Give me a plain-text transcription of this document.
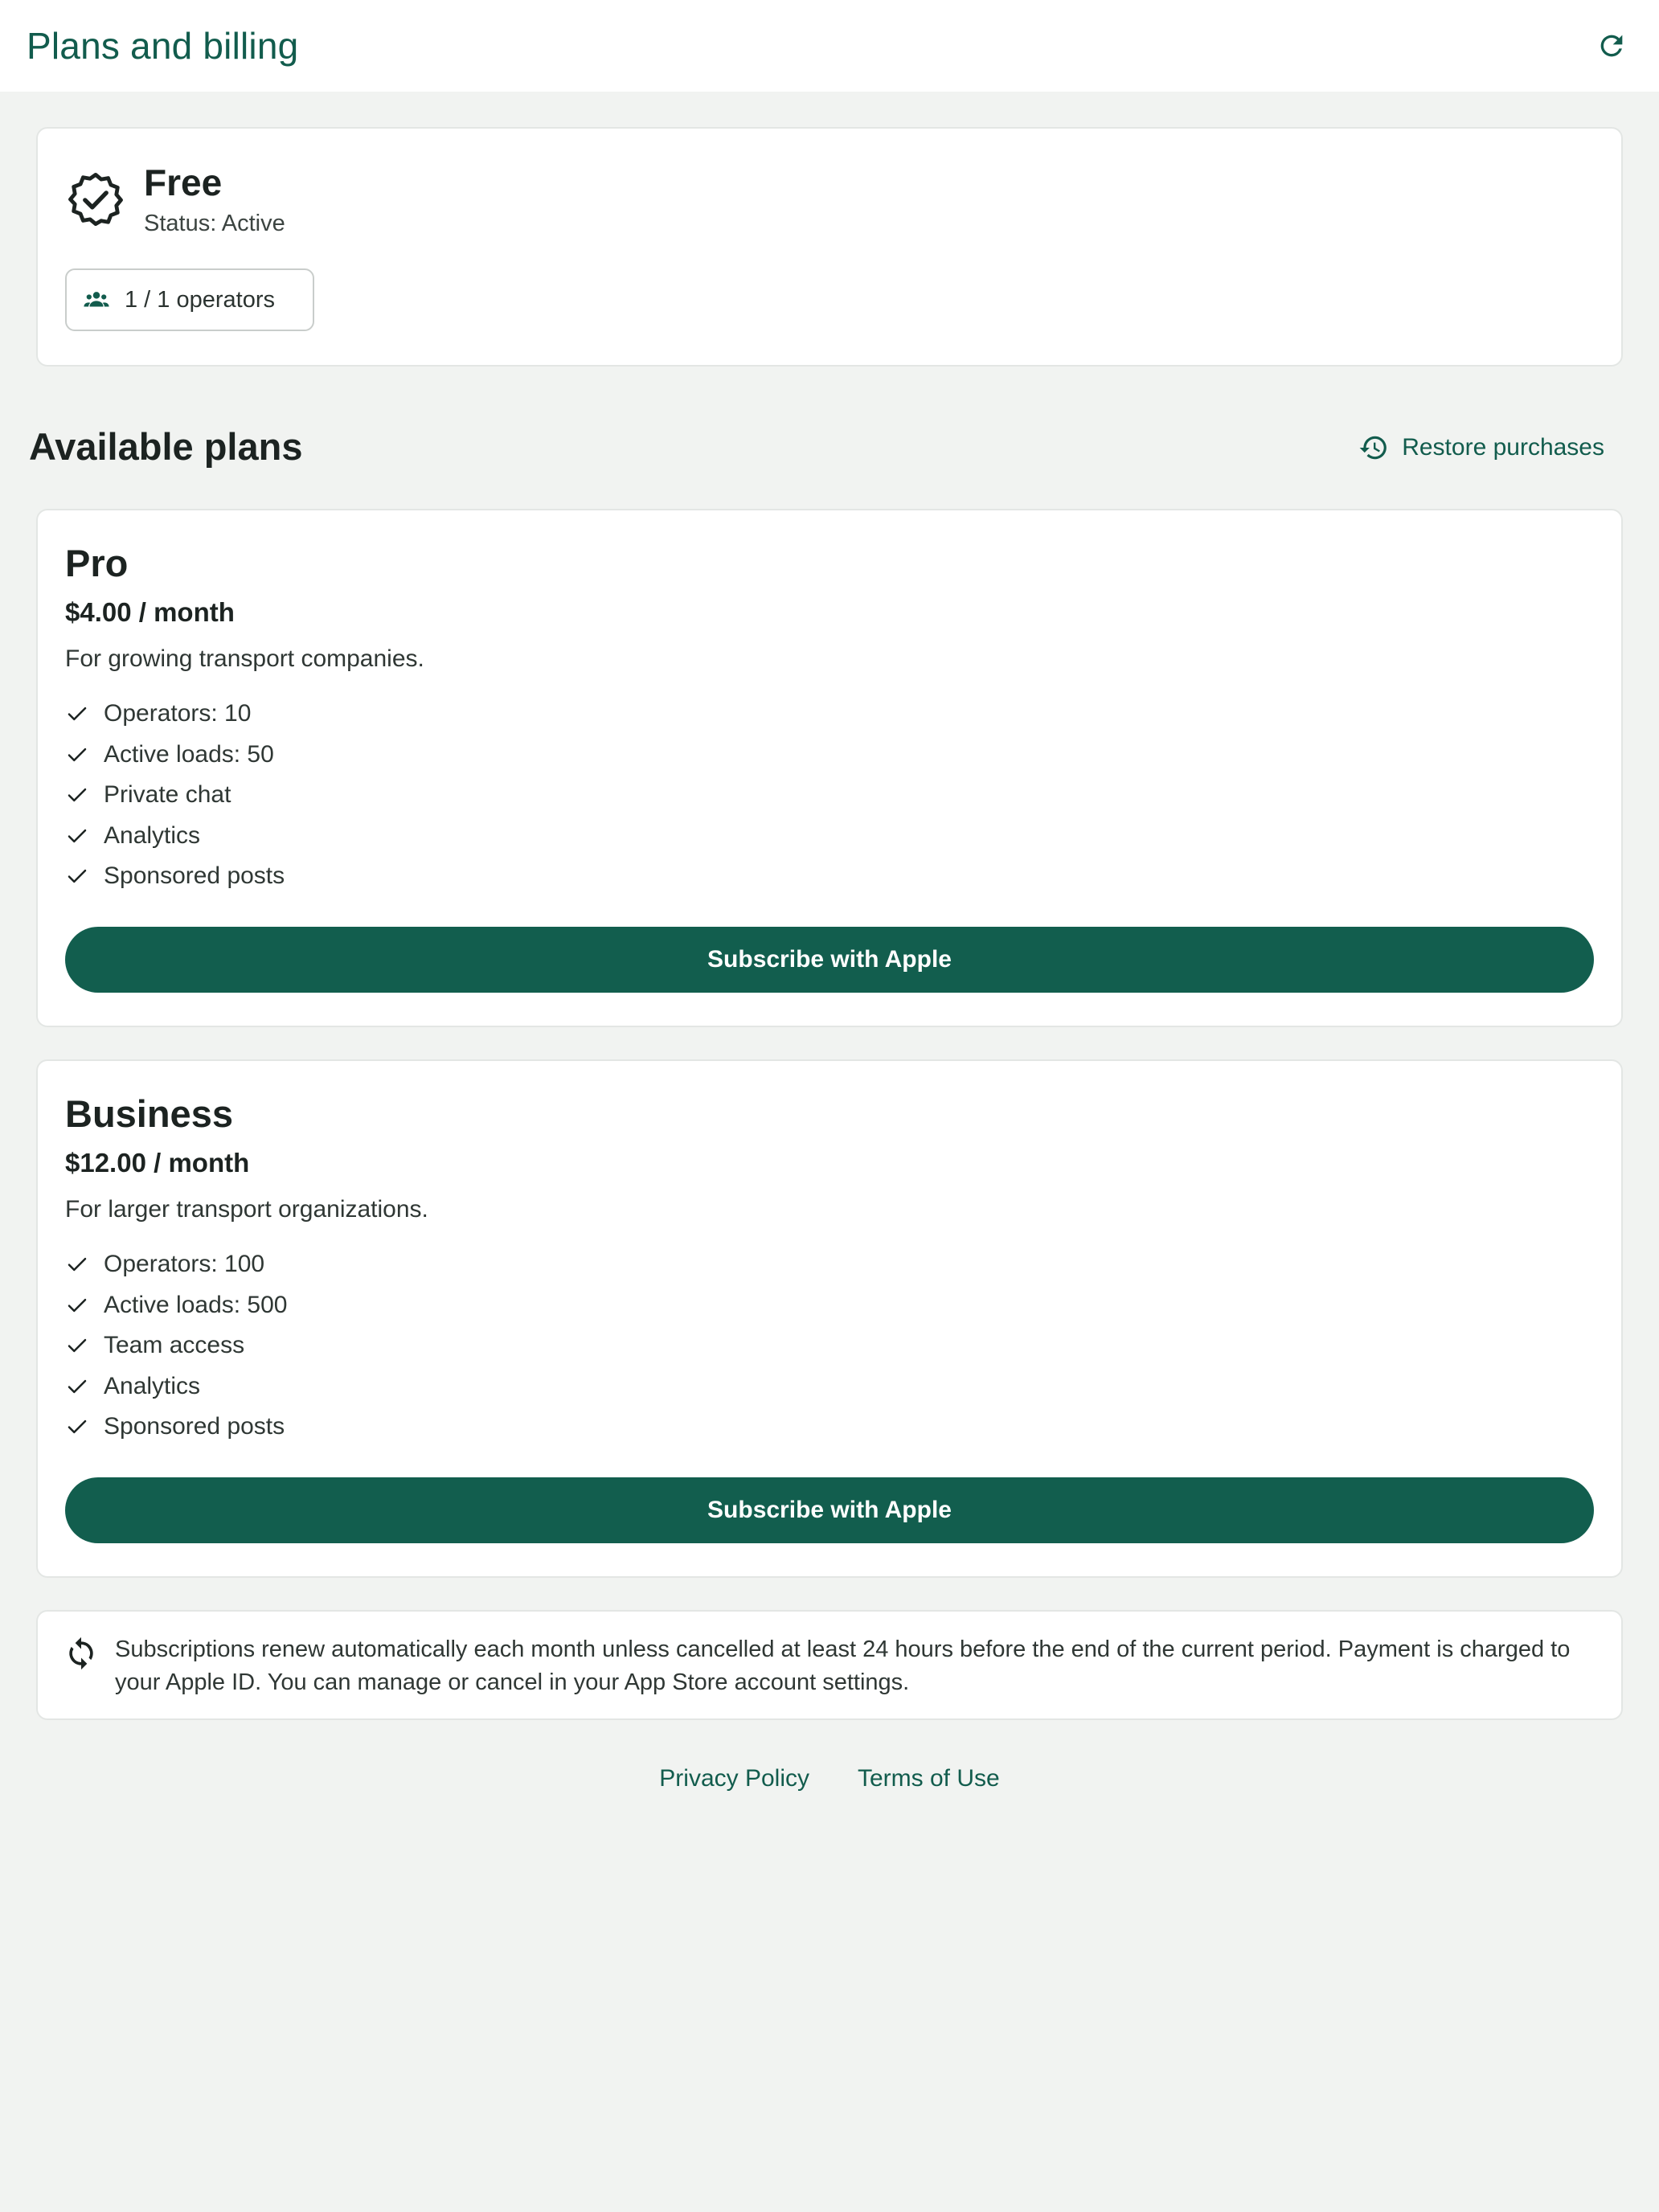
Plans and billing
Free
Status: Active
1 / 1 operators
Available plans	Restore purchases
Pro
$4.00 / month
For growing transport companies.
Operators: 10
Active loads: 50
Private chat
Analytics
Sponsored posts
Subscribe with Apple
Business
$12.00 / month
For larger transport organizations.
Operators: 100
Active loads: 500
Team access
Analytics
Sponsored posts
Subscribe with Apple
Subscriptions renew automatically each month unless cancelled at least 24 hours before the end of the current period. Payment is charged to your Apple ID. You can manage or cancel in your App Store account settings.
Privacy Policy Terms of Use
